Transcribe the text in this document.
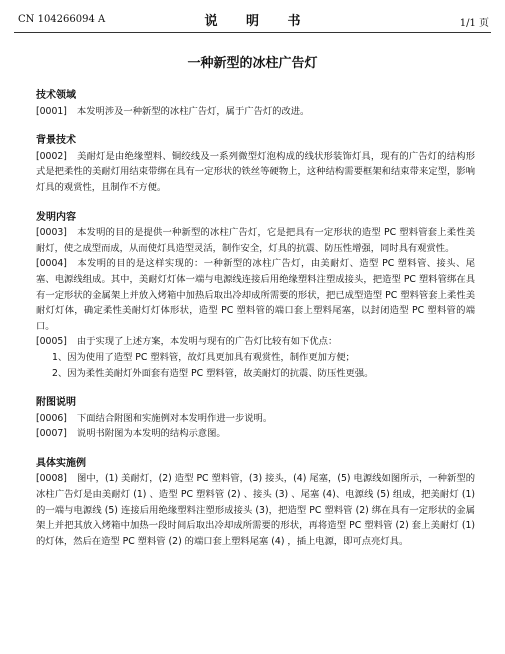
CN 104266094 A	说 明 书	1/1 页
一种新型的冰柱广告灯

技术领域

[0001] 本发明涉及一种新型的冰柱广告灯，属于广告灯的改进。

背景技术

[0002] 美耐灯是由绝缘塑料、铜绞线及一系列微型灯泡构成的线状形装饰灯具，现有的广告灯的结构形式是把柔性的美耐灯用结束带绑在具有一定形状的铁丝等硬物上，这种结构需要框架和结束带来定型，影响灯具的观赏性，且制作不方便。

发明内容

[0003] 本发明的目的是提供一种新型的冰柱广告灯，它是把具有一定形状的造型 PC 塑料管套上柔性美耐灯，使之成型而成，从而使灯具造型灵活，制作安全，灯具的抗震、防压性增强，同时具有观赏性。

[0004] 本发明的目的是这样实现的：一种新型的冰柱广告灯，由美耐灯、造型 PC 塑料管、接头、尾塞、电源线组成。其中，美耐灯灯体一端与电源线连接后用绝缘塑料注塑成接头，把造型 PC 塑料管绑在具有一定形状的金属架上并放入烤箱中加热后取出冷却成所需要的形状，把已成型造型 PC 塑料管套上柔性美耐灯灯体，确定柔性美耐灯灯体形状，造型 PC 塑料管的端口套上塑料尾塞，以封闭造型 PC 塑料管的端口。

[0005] 由于实现了上述方案，本发明与现有的广告灯比较有如下优点：

1、因为使用了造型 PC 塑料管，故灯具更加具有观赏性，制作更加方便；

2、因为柔性美耐灯外面套有造型 PC 塑料管，故美耐灯的抗震、防压性更强。

附图说明

[0006] 下面结合附图和实施例对本发明作进一步说明。

[0007] 说明书附图为本发明的结构示意图。

具体实施例

[0008] 图中，(1) 美耐灯，(2) 造型 PC 塑料管，(3) 接头，(4) 尾塞，(5) 电源线如图所示，一种新型的冰柱广告灯是由美耐灯 (1) 、造型 PC 塑料管 (2) 、接头 (3) 、尾塞 (4)、电源线 (5) 组成，把美耐灯 (1) 的一端与电源线 (5) 连接后用绝缘塑料注塑形成接头 (3)，把造型 PC 塑料管 (2) 绑在具有一定形状的金属架上并把其放入烤箱中加热一段时间后取出冷却成所需要的形状，再将造型 PC 塑料管 (2) 套上美耐灯 (1) 的灯体，然后在造型 PC 塑料管 (2) 的端口套上塑料尾塞 (4) ，插上电源，即可点亮灯具。
